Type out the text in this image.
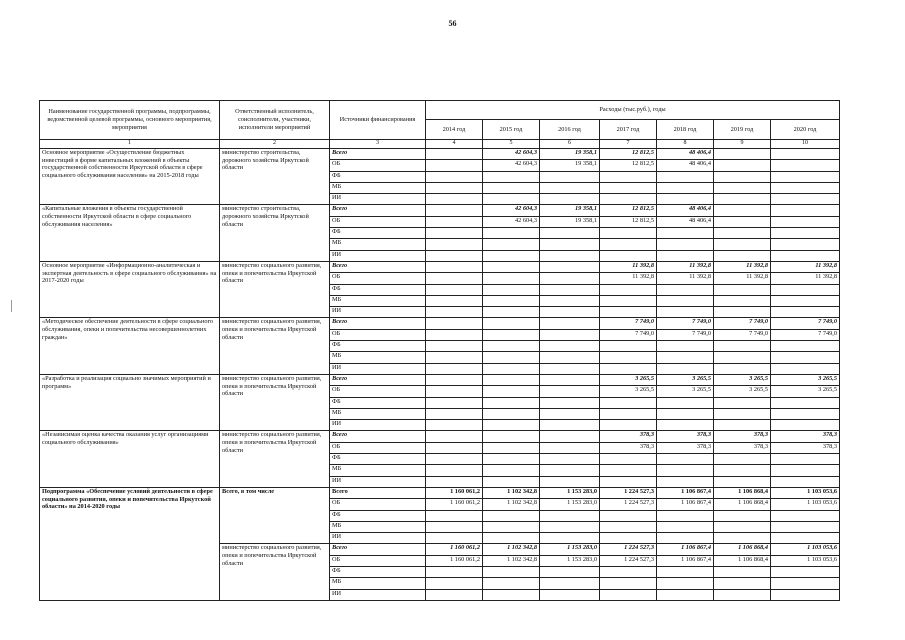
56
Наименование государственной программы, подпрограммы, ведомственной целевой программы, основного мероприятия, мероприятия	Ответственный исполнитель, соисполнители, участники, исполнители мероприятий	Источники финансирования	Расходы (тыс.руб.), годы						
			2014 год	2015 год	2016 год	2017 год	2018 год	2019 год	2020 год
1	2	3	4	5	6	7	8	9	10
Основное мероприятие «Осуществление бюджетных инвестиций в форме капитальных вложений в объекты государственной собственности Иркутской области в сфере социального обслуживания населения» на 2015-2018 годы	министерство строительства, дорожного хозяйства Иркутской области	Всего		42 604,3	19 358,1	12 812,5	48 406,4		
		ОБ		42 604,3	19 358,1	12 812,5	48 406,4		
		ФБ							
		МБ							
		ИИ							
«Капитальные вложения в объекты государственной собственности Иркутской области в сфере социального обслуживания населения»	министерство строительства, дорожного хозяйства Иркутской области	Всего		42 604,3	19 358,1	12 812,5	48 406,4		
		ОБ		42 604,3	19 358,1	12 812,5	48 406,4		
		ФБ							
		МБ							
		ИИ							
Основное мероприятие «Информационно-аналитическая и экспертная деятельность в сфере социального обслуживания» на 2017-2020 годы	министерство социального развития, опеки и попечительства Иркутской области	Всего				11 392,8	11 392,8	11 392,8	11 392,8
		ОБ				11 392,8	11 392,8	11 392,8	11 392,8
		ФБ							
		МБ							
		ИИ							
«Методическое обеспечение деятельности в сфере социального обслуживания, опеки и попечительства несовершеннолетних граждан»	министерство социального развития, опеки и попечительства Иркутской области	Всего				7 749,0	7 749,0	7 749,0	7 749,0
		ОБ				7 749,0	7 749,0	7 749,0	7 749,0
		ФБ							
		МБ							
		ИИ							
«Разработка и реализация социально значимых мероприятий и программ»	министерство социального развития, опеки и попечительства Иркутской области	Всего				3 265,5	3 265,5	3 265,5	3 265,5
		ОБ				3 265,5	3 265,5	3 265,5	3 265,5
		ФБ							
		МБ							
		ИИ							
«Независимая оценка качества оказания услуг организациями социального обслуживания»	министерство социального развития, опеки и попечительства Иркутской области	Всего				378,3	378,3	378,3	378,3
		ОБ				378,3	378,3	378,3	378,3
		ФБ							
		МБ							
		ИИ							
Подпрограмма «Обеспечение условий деятельности в сфере социального развития, опеки и попечительства Иркутской области» на 2014-2020 годы	Всего, в том числе	Всего	1 160 061,2	1 102 342,8	1 153 283,0	1 224 527,3	1 106 867,4	1 106 868,4	1 103 053,6
		ОБ	1 160 061,2	1 102 342,8	1 153 283,0	1 224 527,3	1 106 867,4	1 106 868,4	1 103 053,6
		ФБ							
		МБ							
		ИИ							
	министерство социального развития, опеки и попечительства Иркутской области	Всего	1 160 061,2	1 102 342,8	1 153 283,0	1 224 527,3	1 106 867,4	1 106 868,4	1 103 053,6
		ОБ	1 160 061,2	1 102 342,8	1 153 283,0	1 224 527,3	1 106 867,4	1 106 868,4	1 103 053,6
		ФБ							
		МБ							
		ИИ							
